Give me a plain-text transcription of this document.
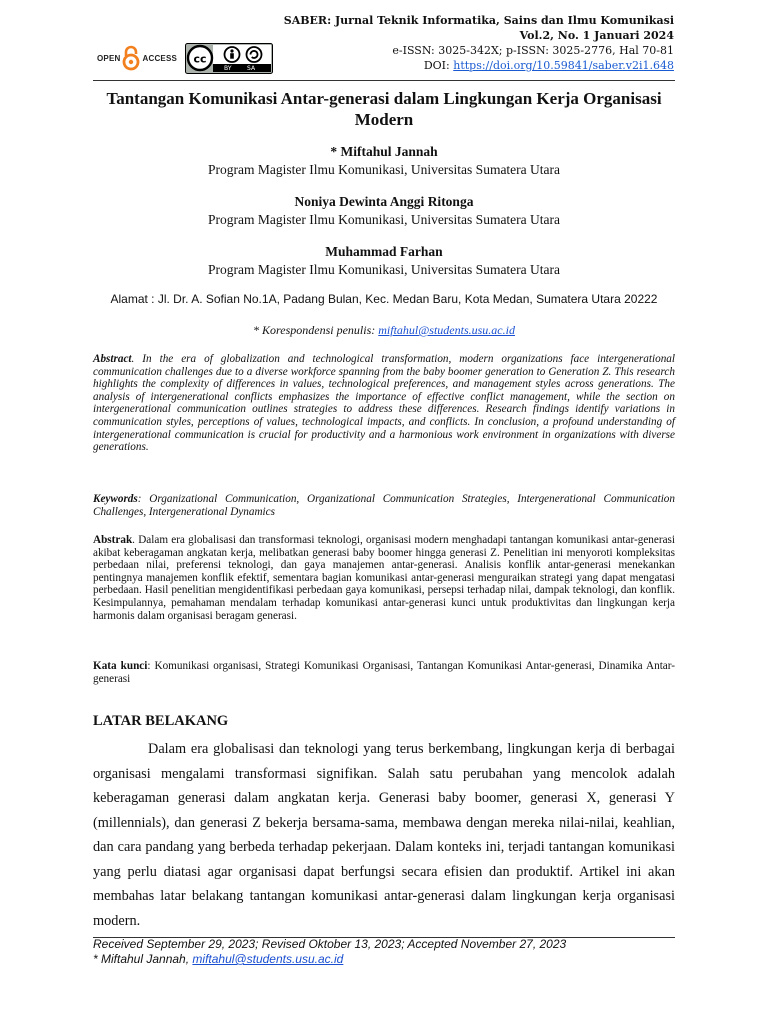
OPEN	ACCESS cc
BY	SA
SABER: Jurnal Teknik Informatika, Sains dan Ilmu Komunikasi
Vol.2, No. 1 Januari 2024
e-ISSN: 3025-342X; p-ISSN: 3025-2776, Hal 70-81
DOI: https://doi.org/10.59841/saber.v2i1.648
Tantangan Komunikasi Antar-generasi dalam Lingkungan Kerja Organisasi Modern
* Miftahul Jannah
Program Magister Ilmu Komunikasi, Universitas Sumatera Utara
Noniya Dewinta Anggi Ritonga
Program Magister Ilmu Komunikasi, Universitas Sumatera Utara
Muhammad Farhan
Program Magister Ilmu Komunikasi, Universitas Sumatera Utara
Alamat : Jl. Dr. A. Sofian No.1A, Padang Bulan, Kec. Medan Baru, Kota Medan, Sumatera Utara 20222
* Korespondensi penulis: miftahul@students.usu.ac.id
Abstract. In the era of globalization and technological transformation, modern organizations face intergenerational communication challenges due to a diverse workforce spanning from the baby boomer generation to Generation Z. This research highlights the complexity of differences in values, technological preferences, and management styles across generations. The analysis of intergenerational conflicts emphasizes the importance of effective conflict management, while the section on intergenerational communication outlines strategies to address these differences. Research findings identify variations in communication styles, perceptions of values, technological impacts, and conflicts. In conclusion, a profound understanding of intergenerational communication is crucial for productivity and a harmonious work environment in organizations with diverse generations.
Keywords: Organizational Communication, Organizational Communication Strategies, Intergenerational Communication Challenges, Intergenerational Dynamics
Abstrak. Dalam era globalisasi dan transformasi teknologi, organisasi modern menghadapi tantangan komunikasi antar-generasi akibat keberagaman angkatan kerja, melibatkan generasi baby boomer hingga generasi Z. Penelitian ini menyoroti kompleksitas perbedaan nilai, preferensi teknologi, dan gaya manajemen antar-generasi. Analisis konflik antar-generasi menekankan pentingnya manajemen konflik efektif, sementara bagian komunikasi antar-generasi menguraikan strategi yang dapat mengatasi perbedaan. Hasil penelitian mengidentifikasi perbedaan gaya komunikasi, persepsi terhadap nilai, dampak teknologi, dan konflik. Kesimpulannya, pemahaman mendalam terhadap komunikasi antar-generasi kunci untuk produktivitas dan lingkungan kerja harmonis dalam organisasi beragam generasi.
Kata kunci: Komunikasi organisasi, Strategi Komunikasi Organisasi, Tantangan Komunikasi Antar-generasi, Dinamika Antar-generasi
LATAR BELAKANG
Dalam era globalisasi dan teknologi yang terus berkembang, lingkungan kerja di berbagai organisasi mengalami transformasi signifikan. Salah satu perubahan yang mencolok adalah keberagaman generasi dalam angkatan kerja. Generasi baby boomer, generasi X, generasi Y (millennials), dan generasi Z bekerja bersama-sama, membawa dengan mereka nilai-nilai, keahlian, dan cara pandang yang berbeda terhadap pekerjaan. Dalam konteks ini, terjadi tantangan komunikasi yang perlu diatasi agar organisasi dapat berfungsi secara efisien dan produktif. Artikel ini akan membahas latar belakang tantangan komunikasi antar-generasi dalam lingkungan kerja organisasi modern.
Received September 29, 2023; Revised Oktober 13, 2023; Accepted November 27, 2023
* Miftahul Jannah, miftahul@students.usu.ac.id
